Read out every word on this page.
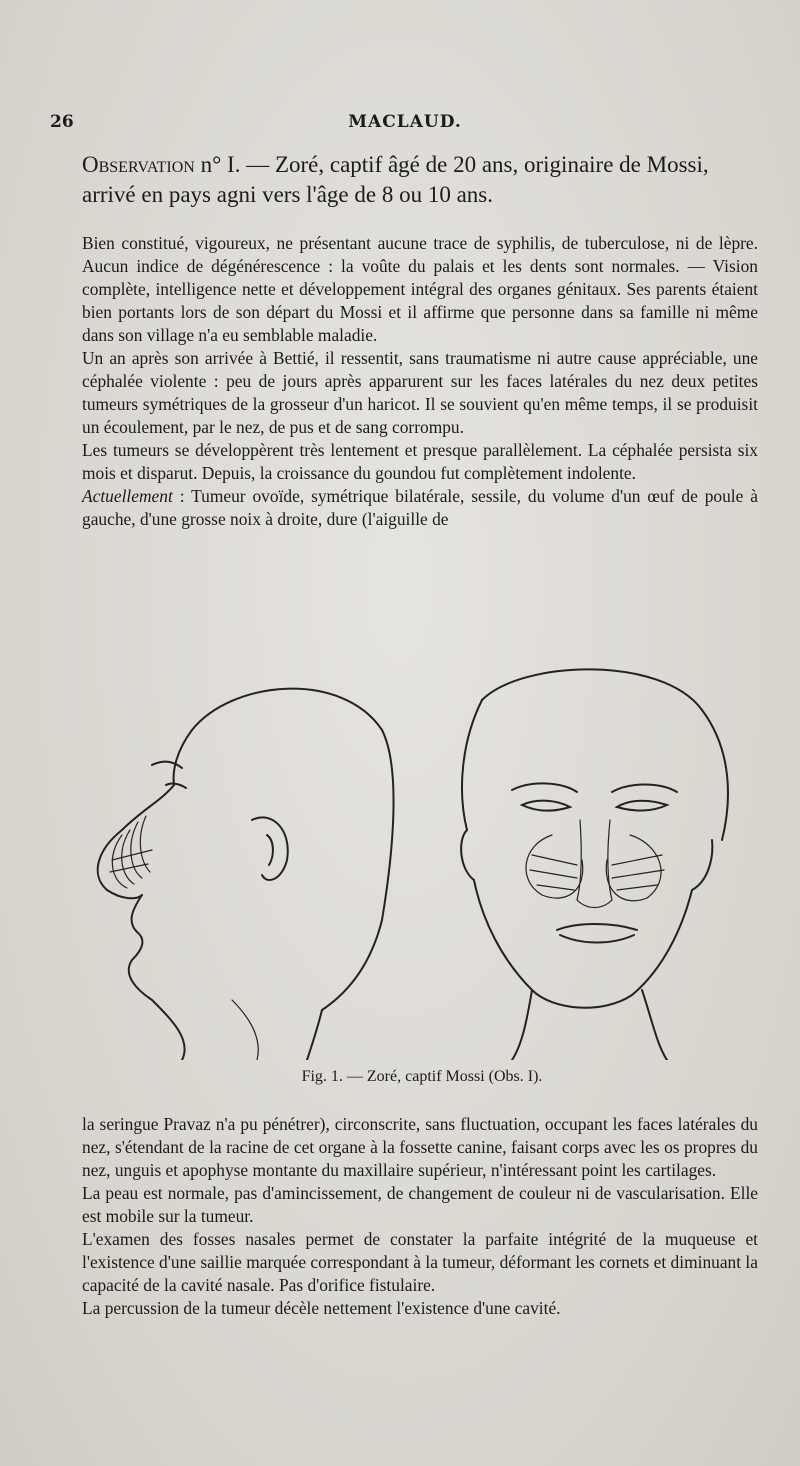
26	MACLAUD.
Observation n° I. — Zoré, captif âgé de 20 ans, originaire de Mossi, arrivé en pays agni vers l'âge de 8 ou 10 ans.

Bien constitué, vigoureux, ne présentant aucune trace de syphilis, de tuberculose, ni de lèpre. Aucun indice de dégénérescence : la voûte du palais et les dents sont normales. — Vision complète, intelligence nette et développement intégral des organes génitaux. Ses parents étaient bien portants lors de son départ du Mossi et il affirme que personne dans sa famille ni même dans son village n'a eu semblable maladie.

Un an après son arrivée à Bettié, il ressentit, sans traumatisme ni autre cause appréciable, une céphalée violente : peu de jours après apparurent sur les faces latérales du nez deux petites tumeurs symétriques de la grosseur d'un haricot. Il se souvient qu'en même temps, il se produisit un écoulement, par le nez, de pus et de sang corrompu.

Les tumeurs se développèrent très lentement et presque parallèlement. La céphalée persista six mois et disparut. Depuis, la croissance du goundou fut complètement indolente.

Actuellement : Tumeur ovoïde, symétrique bilatérale, sessile, du volume d'un œuf de poule à gauche, d'une grosse noix à droite, dure (l'aiguille de

Fig. 1. — Zoré, captif Mossi (Obs. I).

la seringue Pravaz n'a pu pénétrer), circonscrite, sans fluctuation, occupant les faces latérales du nez, s'étendant de la racine de cet organe à la fossette canine, faisant corps avec les os propres du nez, unguis et apophyse montante du maxillaire supérieur, n'intéressant point les cartilages.

La peau est normale, pas d'amincissement, de changement de couleur ni de vascularisation. Elle est mobile sur la tumeur.

L'examen des fosses nasales permet de constater la parfaite intégrité de la muqueuse et l'existence d'une saillie marquée correspondant à la tumeur, déformant les cornets et diminuant la capacité de la cavité nasale. Pas d'orifice fistulaire.

La percussion de la tumeur décèle nettement l'existence d'une cavité.
